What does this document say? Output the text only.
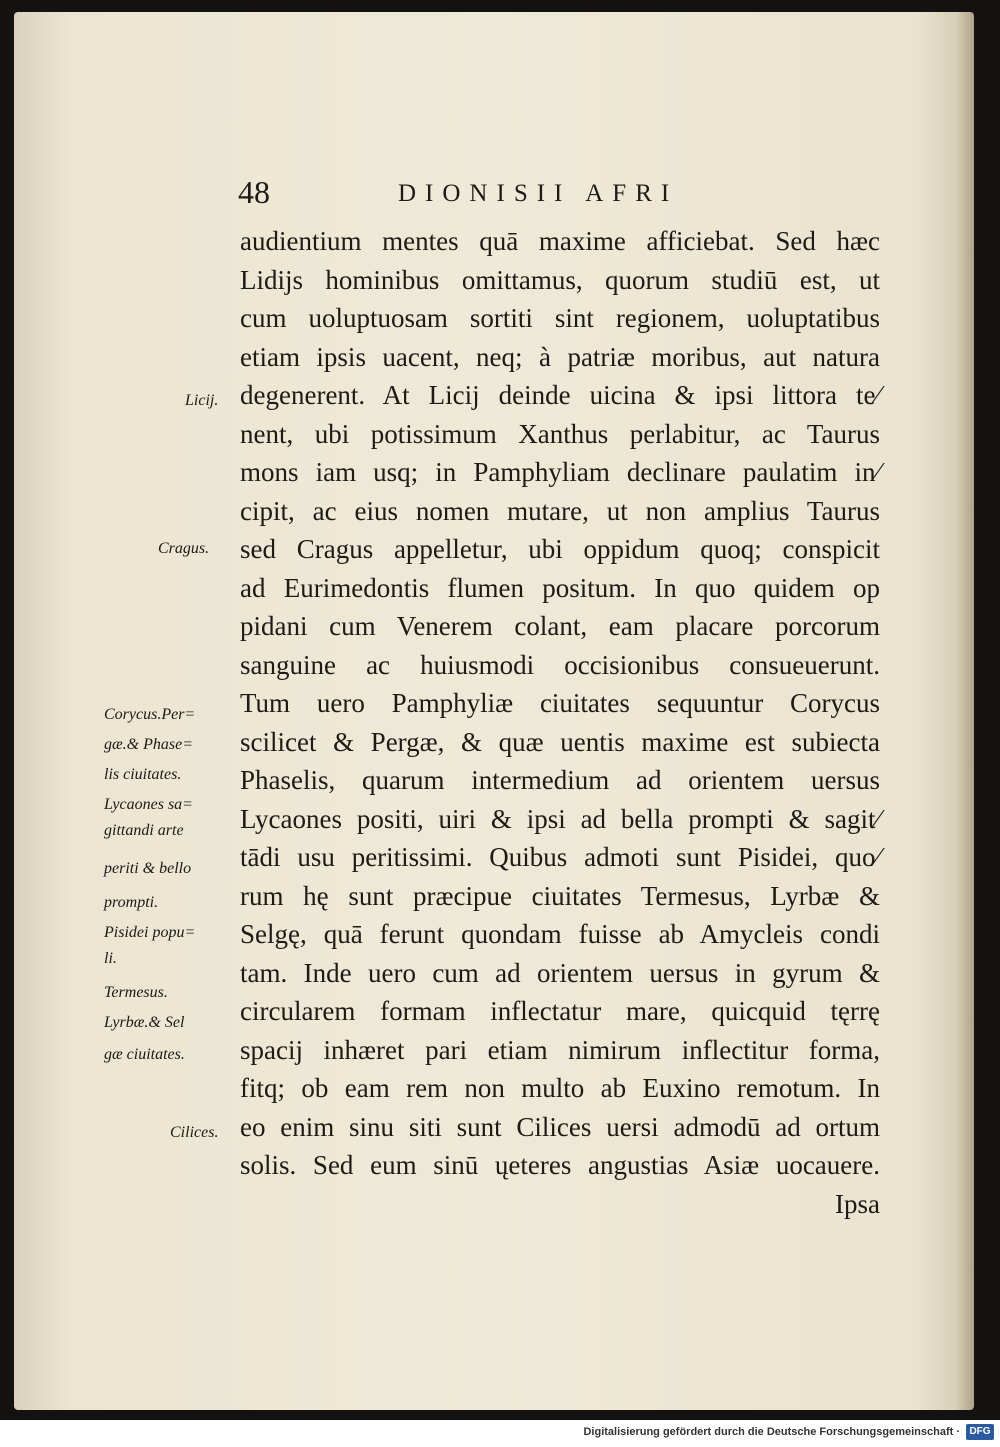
48	DIONISII AFRI
audientium mentes quā maxime afficiebat. Sed hæc
Lidijs hominibus omittamus, quorum studiū est, ut
cum uoluptuosam sortiti sint regionem, uoluptatibus
etiam ipsis uacent, neq; à patriæ moribus, aut natura
degenerent. At Licij deinde uicina & ipsi littora te⁄
nent, ubi potissimum Xanthus perlabitur, ac Taurus
mons iam usq; in Pamphyliam declinare paulatim in⁄
cipit, ac eius nomen mutare, ut non amplius Taurus
sed Cragus appelletur, ubi oppidum quoq; conspicit
ad Eurimedontis flumen positum. In quo quidem op
pidani cum Venerem colant, eam placare porcorum
sanguine ac huiusmodi occisionibus consueuerunt.
Tum uero Pamphyliæ ciuitates sequuntur Corycus
scilicet & Pergæ, & quæ uentis maxime est subiecta
Phaselis, quarum intermedium ad orientem uersus
Lycaones positi, uiri & ipsi ad bella prompti & sagit⁄
tādi usu peritissimi. Quibus admoti sunt Pisidei, quo⁄
rum hę sunt præcipue ciuitates Termesus, Lyrbæ &
Selgę, quā ferunt quondam fuisse ab Amycleis condi
tam. Inde uero cum ad orientem uersus in gyrum &
circularem formam inflectatur mare, quicquid tęrrę
spacij inhæret pari etiam nimirum inflectitur forma,
fitq; ob eam rem non multo ab Euxino remotum. In
eo enim sinu siti sunt Cilices uersi admodū ad ortum
solis. Sed eum sinū ųeteres angustias Asiæ uocauere.
Ipsa
Licij.
Cragus.
Corycus.Per=
gæ.& Phase=
lis ciuitates.
Lycaones sa=
gittandi arte
periti & bello
prompti.
Pisidei popu=
li.
Termesus.
Lyrbæ.& Sel
gæ ciuitates.
Cilices.
Digitalisierung gefördert durch die Deutsche Forschungsgemeinschaft · DFG
